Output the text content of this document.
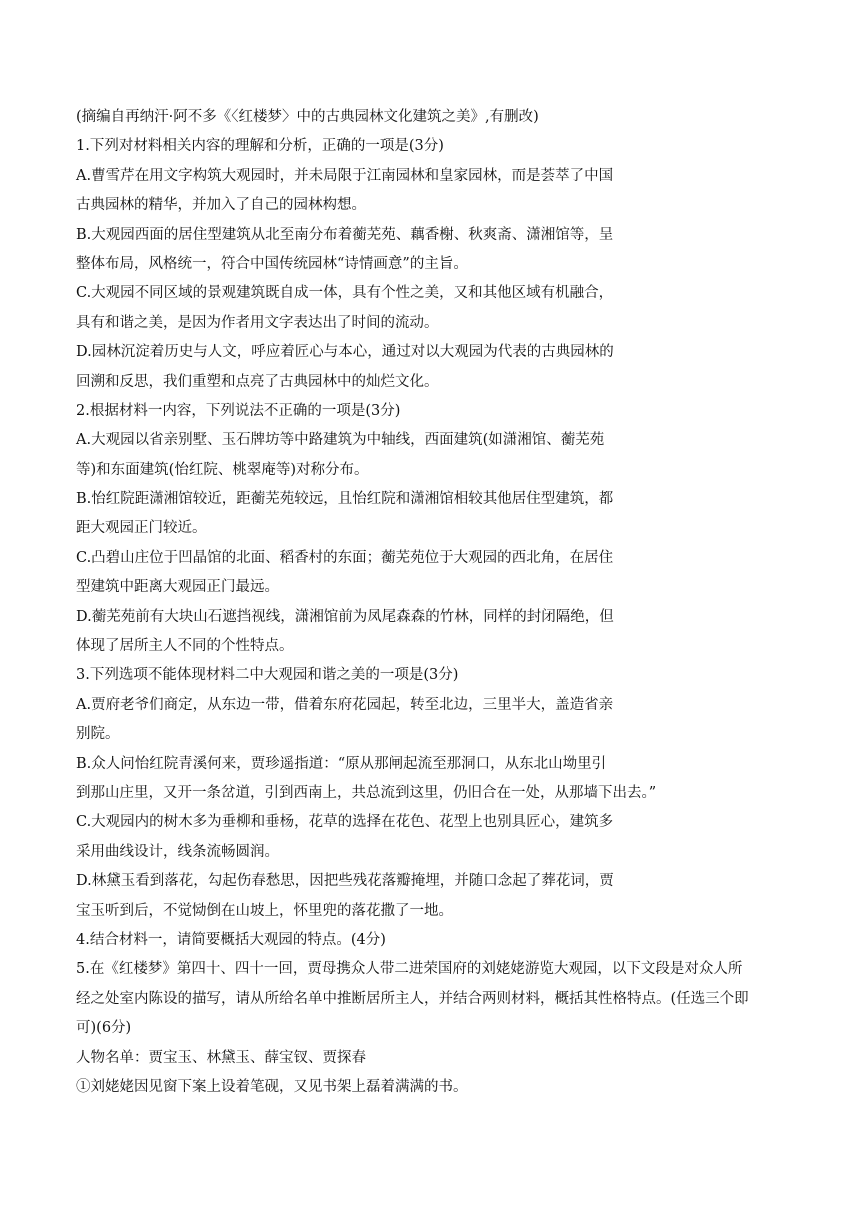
(摘编自再纳汗·阿不多《〈红楼梦〉中的古典园林文化建筑之美》,有删改)
1.下列对材料相关内容的理解和分析，正确的一项是(3分)
A.曹雪芹在用文字构筑大观园时，并未局限于江南园林和皇家园林，而是荟萃了中国
古典园林的精华，并加入了自己的园林构想。
B.大观园西面的居住型建筑从北至南分布着蘅芜苑、藕香榭、秋爽斋、潇湘馆等，呈
整体布局，风格统一，符合中国传统园林“诗情画意”的主旨。
C.大观园不同区域的景观建筑既自成一体，具有个性之美，又和其他区域有机融合，
具有和谐之美，是因为作者用文字表达出了时间的流动。
D.园林沉淀着历史与人文，呼应着匠心与本心，通过对以大观园为代表的古典园林的
回溯和反思，我们重塑和点亮了古典园林中的灿烂文化。
2.根据材料一内容，下列说法不正确的一项是(3分)
A.大观园以省亲别墅、玉石牌坊等中路建筑为中轴线，西面建筑(如潇湘馆、蘅芜苑
等)和东面建筑(怡红院、桃翠庵等)对称分布。
B.怡红院距潇湘馆较近，距蘅芜苑较远，且怡红院和潇湘馆相较其他居住型建筑，都
距大观园正门较近。
C.凸碧山庄位于凹晶馆的北面、稻香村的东面；蘅芜苑位于大观园的西北角，在居住
型建筑中距离大观园正门最远。
D.蘅芜苑前有大块山石遮挡视线，潇湘馆前为凤尾森森的竹林，同样的封闭隔绝，但
体现了居所主人不同的个性特点。
3.下列选项不能体现材料二中大观园和谐之美的一项是(3分)
A.贾府老爷们商定，从东边一带，借着东府花园起，转至北边，三里半大，盖造省亲
别院。
B.众人问怡红院青溪何来，贾珍遥指道：“原从那闸起流至那洞口，从东北山坳里引
到那山庄里，又开一条岔道，引到西南上，共总流到这里，仍旧合在一处，从那墙下出去。”
C.大观园内的树木多为垂柳和垂杨，花草的选择在花色、花型上也别具匠心，建筑多
采用曲线设计，线条流畅圆润。
D.林黛玉看到落花，勾起伤春愁思，因把些残花落瓣掩埋，并随口念起了葬花词，贾
宝玉听到后，不觉恸倒在山坡上，怀里兜的落花撒了一地。
4.结合材料一，请简要概括大观园的特点。(4分)
5.在《红楼梦》第四十、四十一回，贾母携众人带二进荣国府的刘姥姥游览大观园，以下文段是对众人所
经之处室内陈设的描写，请从所给名单中推断居所主人，并结合两则材料，概括其性格特点。(任选三个即
可)(6分)
人物名单：贾宝玉、林黛玉、薛宝钗、贾探春
①刘姥姥因见窗下案上设着笔砚，又见书架上磊着满满的书。
